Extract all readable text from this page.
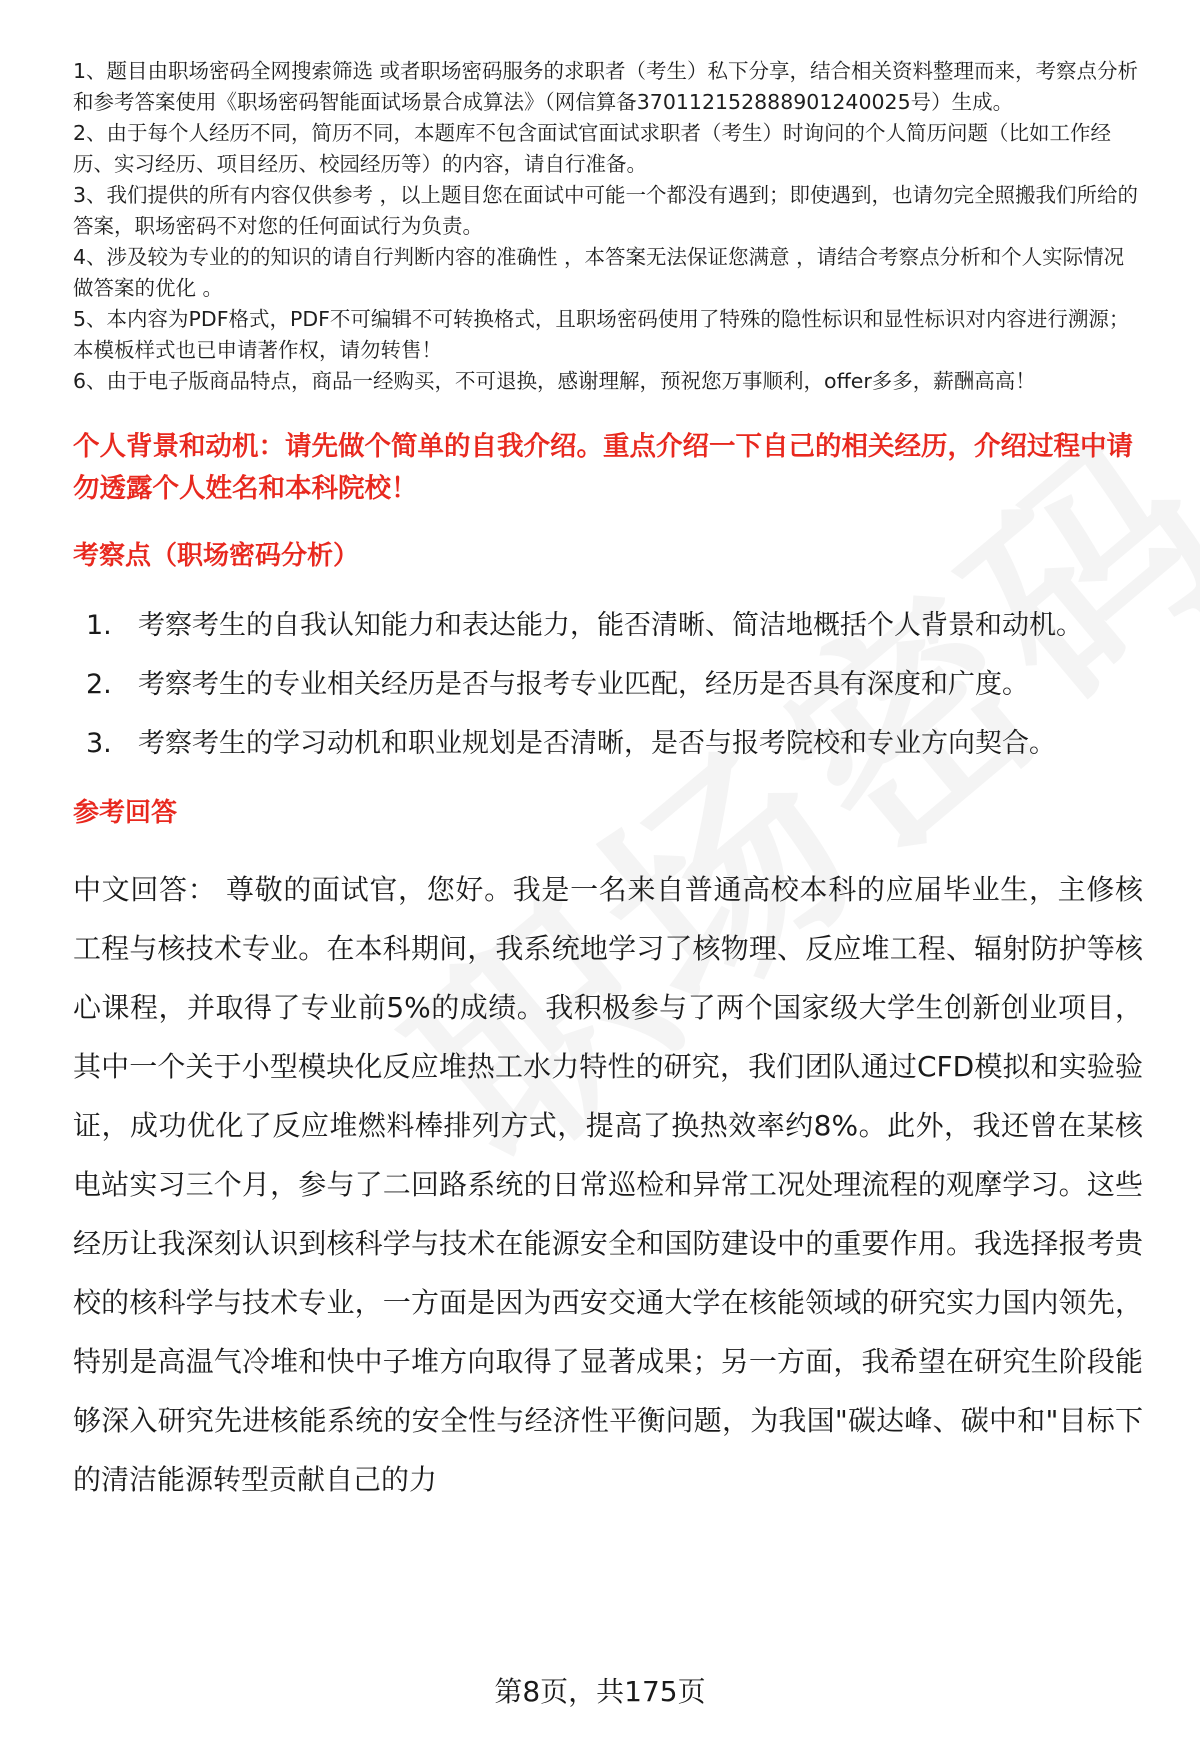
1、题目由职场密码全网搜索筛选 或者职场密码服务的求职者（考生）私下分享，结合相关资料整理而来，考察点分析和参考答案使用《职场密码智能面试场景合成算法》（网信算备370112152888901240025号）生成。

2、由于每个人经历不同，简历不同，本题库不包含面试官面试求职者（考生）时询问的个人简历问题（比如工作经历、实习经历、项目经历、校园经历等）的内容，请自行准备。

3、我们提供的所有内容仅供参考 ，以上题目您在面试中可能一个都没有遇到；即使遇到，也请勿完全照搬我们所给的答案，职场密码不对您的任何面试行为负责。

4、涉及较为专业的的知识的请自行判断内容的准确性 ，本答案无法保证您满意 ，请结合考察点分析和个人实际情况做答案的优化 。

5、本内容为PDF格式，PDF不可编辑不可转换格式，且职场密码使用了特殊的隐性标识和显性标识对内容进行溯源；本模板样式也已申请著作权，请勿转售！

6、由于电子版商品特点，商品一经购买，不可退换，感谢理解，预祝您万事顺利，offer多多，薪酬高高！

个人背景和动机：请先做个简单的自我介绍。重点介绍一下自己的相关经历，介绍过程中请勿透露个人姓名和本科院校！
考察点（职场密码分析）
1. 考察考生的自我认知能力和表达能力，能否清晰、简洁地概括个人背景和动机。
2. 考察考生的专业相关经历是否与报考专业匹配，经历是否具有深度和广度。
3. 考察考生的学习动机和职业规划是否清晰，是否与报考院校和专业方向契合。
参考回答
中文回答： 尊敬的面试官，您好。我是一名来自普通高校本科的应届毕业生，主修核工程与核技术专业。在本科期间，我系统地学习了核物理、反应堆工程、辐射防护等核心课程，并取得了专业前5%的成绩。我积极参与了两个国家级大学生创新创业项目，其中一个关于小型模块化反应堆热工水力特性的研究，我们团队通过CFD模拟和实验验证，成功优化了反应堆燃料棒排列方式，提高了换热效率约8%。此外，我还曾在某核电站实习三个月，参与了二回路系统的日常巡检和异常工况处理流程的观摩学习。这些经历让我深刻认识到核科学与技术在能源安全和国防建设中的重要作用。我选择报考贵校的核科学与技术专业，一方面是因为西安交通大学在核能领域的研究实力国内领先，特别是高温气冷堆和快中子堆方向取得了显著成果；另一方面，我希望在研究生阶段能够深入研究先进核能系统的安全性与经济性平衡问题，为我国"碳达峰、碳中和"目标下的清洁能源转型贡献自己的力
第8页，共175页
